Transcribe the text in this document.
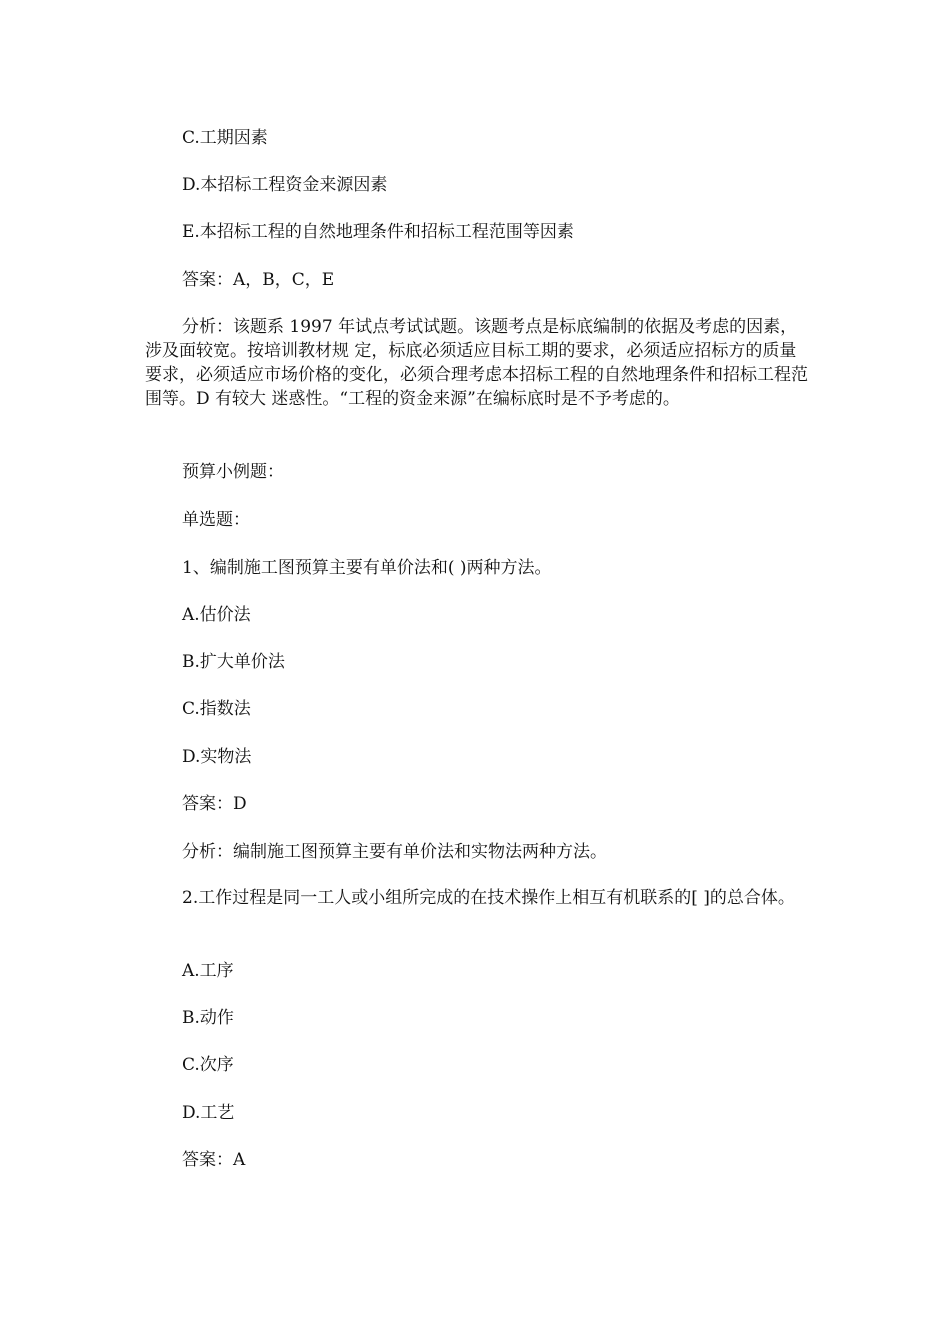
C.工期因素

D.本招标工程资金来源因素

E.本招标工程的自然地理条件和招标工程范围等因素

答案：A，B，C，E

分析：该题系 1997 年试点考试试题。该题考点是标底编制的依据及考虑的因素，涉及面较宽。按培训教材规 定，标底必须适应目标工期的要求，必须适应招标方的质量要求，必须适应市场价格的变化，必须合理考虑本招标工程的自然地理条件和招标工程范围等。D 有较大 迷惑性。“工程的资金来源”在编标底时是不予考虑的。

预算小例题：

单选题：

1、编制施工图预算主要有单价法和( )两种方法。

A.估价法

B.扩大单价法

C.指数法

D.实物法

答案：D

分析：编制施工图预算主要有单价法和实物法两种方法。

2.工作过程是同一工人或小组所完成的在技术操作上相互有机联系的[ ]的总合体。

A.工序

B.动作

C.次序

D.工艺

答案：A
